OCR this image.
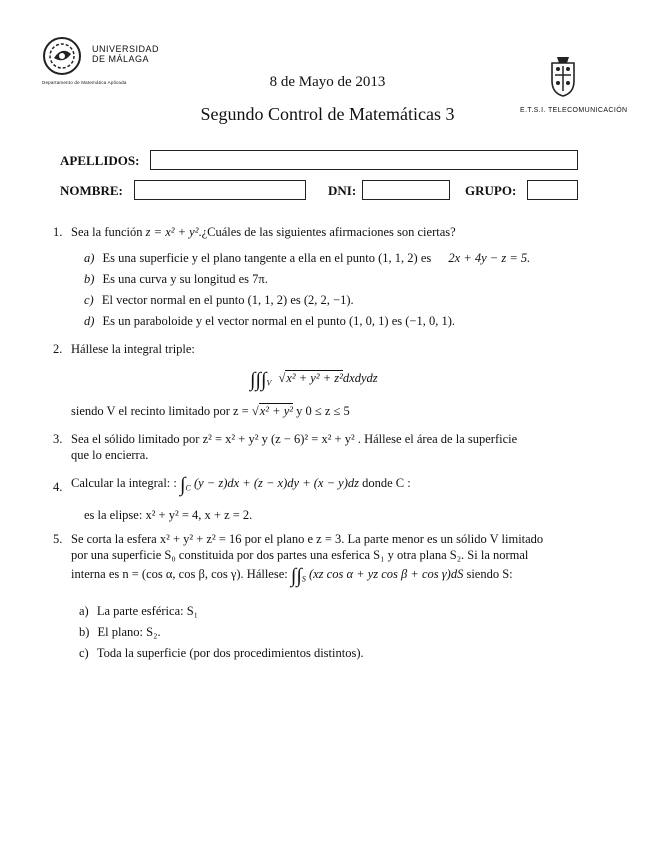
UNIVERSIDAD
DE MÁLAGA
Departamento de Matemática Aplicada	8 de Mayo de 2013
Segundo Control de Matemáticas 3	E.T.S.I. TELECOMUNICACIÓN
APELLIDOS:
NOMBRE:	DNI:	GRUPO:
1. Sea la función z = x² + y².¿Cuáles de las siguientes afirmaciones son ciertas?
a) Es una superficie y el plano tangente a ella en el punto (1, 1, 2) es 2x + 4y − z = 5.
b) Es una curva y su longitud es 7π.
c) El vector normal en el punto (1, 1, 2) es (2, 2, −1).
d) Es un paraboloide y el vector normal en el punto (1, 0, 1) es (−1, 0, 1).
2. Hállese la integral triple:
$\int\int\int_V$ √x² + y² + z²dxdydz
siendo V el recinto limitado por z = √x² + y² y 0 ≤ z ≤ 5
3. Sea el sólido limitado por z² = x² + y² y (z − 6)² = x² + y² . Hállese el área de la superficie
que lo encierra.
4. Calcular la integral: : $\int_C$ (y − z)dx + (z − x)dy + (x − y)dz donde C :
es la elipse: x² + y² = 4, x + z = 2.
5. Se corta la esfera x² + y² + z² = 16 por el plano e z = 3. La parte menor es un sólido V limitado
por una superficie S₀ constituida por dos partes una esferica S₁ y otra plana S₂. Si la normal
interna es n = (cos α, cos β, cos γ). Hállese: $\int\int_S$ (xz cos α + yz cos β + cos γ)dS siendo S:
a) La parte esférica: S₁
b) El plano: S₂.
c) Toda la superficie (por dos procedimientos distintos).
